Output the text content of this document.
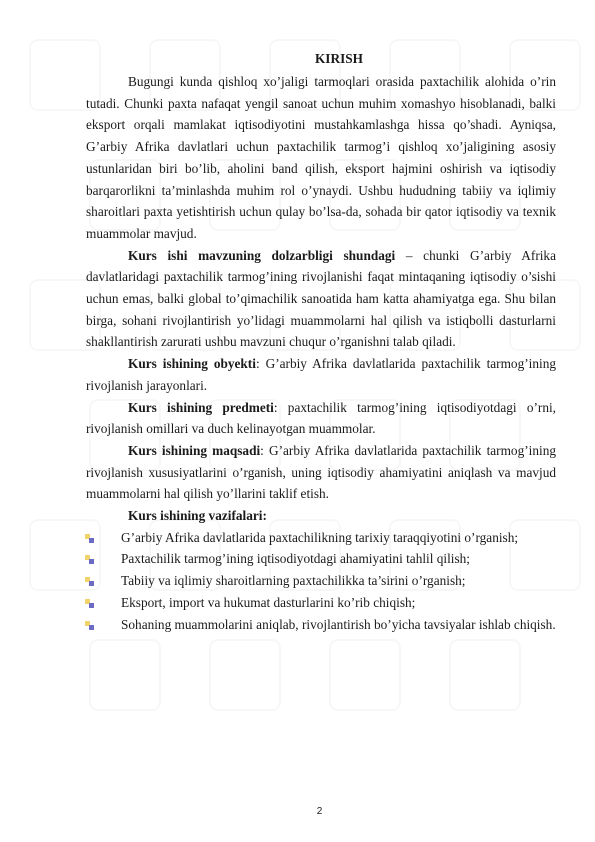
KIRISH

Bugungi kunda qishloq xo’jaligi tarmoqlari orasida paxtachilik alohida o’rin tutadi. Chunki paxta nafaqat yengil sanoat uchun muhim xomashyo hisoblanadi, balki eksport orqali mamlakat iqtisodiyotini mustahkamlashga hissa qo’shadi. Ayniqsa, G’arbiy Afrika davlatlari uchun paxtachilik tarmog’i qishloq xo’jaligining asosiy ustunlaridan biri bo’lib, aholini band qilish, eksport hajmini oshirish va iqtisodiy barqarorlikni ta’minlashda muhim rol o’ynaydi. Ushbu hududning tabiiy va iqlimiy sharoitlari paxta yetishtirish uchun qulay bo’lsa-da, sohada bir qator iqtisodiy va texnik muammolar mavjud.

Kurs ishi mavzuning dolzarbligi shundagi – chunki G’arbiy Afrika davlatlaridagi paxtachilik tarmog’ining rivojlanishi faqat mintaqaning iqtisodiy o’sishi uchun emas, balki global to’qimachilik sanoatida ham katta ahamiyatga ega. Shu bilan birga, sohani rivojlantirish yo’lidagi muammolarni hal qilish va istiqbolli dasturlarni shakllantirish zarurati ushbu mavzuni chuqur o’rganishni talab qiladi.

Kurs ishining obyekti: G’arbiy Afrika davlatlarida paxtachilik tarmog’ining rivojlanish jarayonlari.

Kurs ishining predmeti: paxtachilik tarmog’ining iqtisodiyotdagi o’rni, rivojlanish omillari va duch kelinayotgan muammolar.

Kurs ishining maqsadi: G’arbiy Afrika davlatlarida paxtachilik tarmog’ining rivojlanish xususiyatlarini o’rganish, uning iqtisodiy ahamiyatini aniqlash va mavjud muammolarni hal qilish yo’llarini taklif etish.

Kurs ishining vazifalari:
G’arbiy Afrika davlatlarida paxtachilikning tarixiy taraqqiyotini o’rganish;
Paxtachilik tarmog’ining iqtisodiyotdagi ahamiyatini tahlil qilish;
Tabiiy va iqlimiy sharoitlarning paxtachilikka ta’sirini o’rganish;
Eksport, import va hukumat dasturlarini ko’rib chiqish;
Sohaning muammolarini aniqlab, rivojlantirish bo’yicha tavsiyalar ishlab chiqish.
2
